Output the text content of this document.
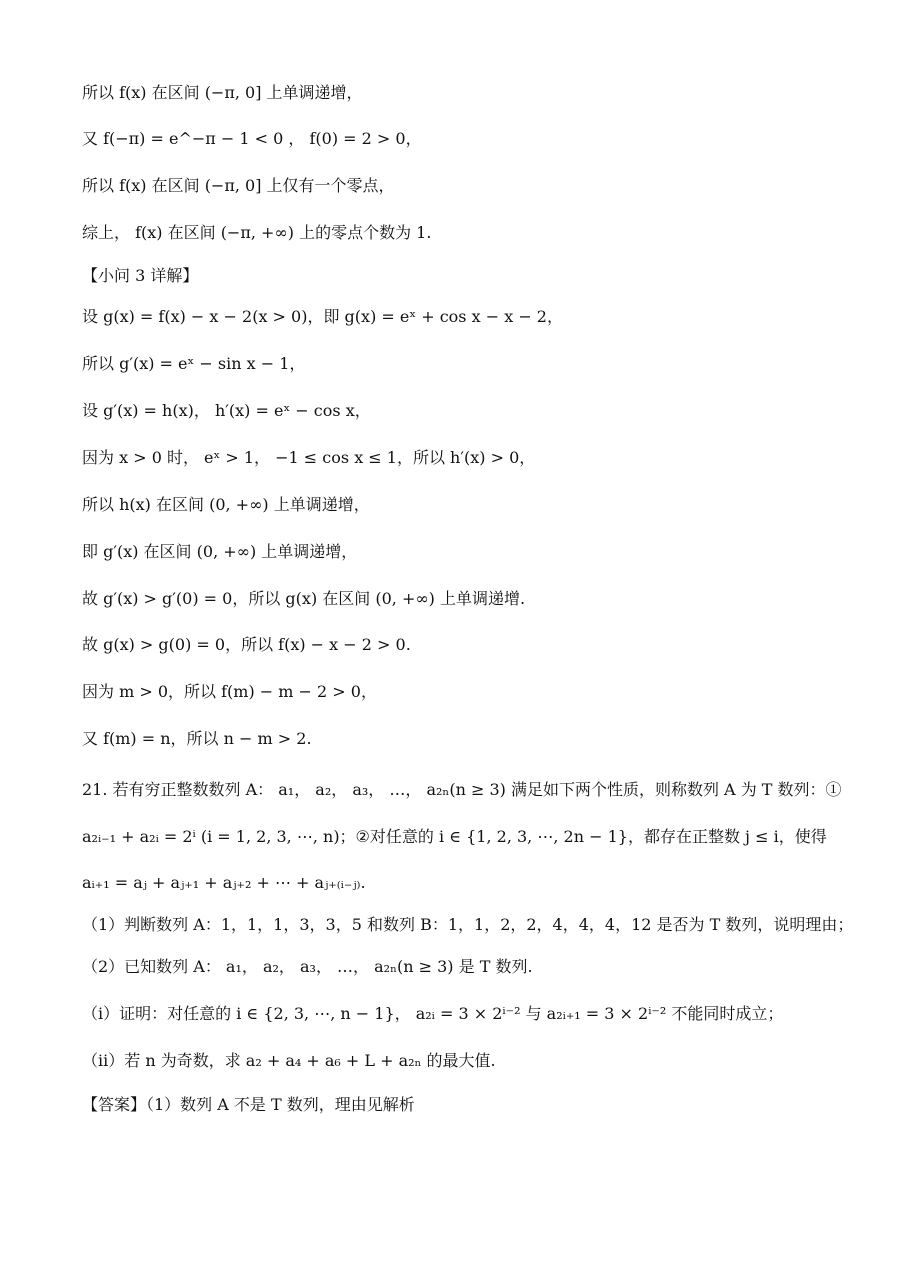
所以 f(x) 在区间 (−π, 0] 上单调递增，
又 f(−π) = e^−π − 1 < 0 ， f(0) = 2 > 0，
所以 f(x) 在区间 (−π, 0] 上仅有一个零点，
综上， f(x) 在区间 (−π, +∞) 上的零点个数为 1.
【小问 3 详解】
设 g(x) = f(x) − x − 2(x > 0)，即 g(x) = eˣ + cos x − x − 2，
所以 g′(x) = eˣ − sin x − 1，
设 g′(x) = h(x)， h′(x) = eˣ − cos x，
因为 x > 0 时， eˣ > 1， −1 ≤ cos x ≤ 1，所以 h′(x) > 0，
所以 h(x) 在区间 (0, +∞) 上单调递增，
即 g′(x) 在区间 (0, +∞) 上单调递增，
故 g′(x) > g′(0) = 0，所以 g(x) 在区间 (0, +∞) 上单调递增.
故 g(x) > g(0) = 0，所以 f(x) − x − 2 > 0.
因为 m > 0，所以 f(m) − m − 2 > 0，
又 f(m) = n，所以 n − m > 2.
21. 若有穷正整数数列 A： a₁， a₂， a₃， …， a₂ₙ(n ≥ 3) 满足如下两个性质，则称数列 A 为 T 数列：①
a₂ᵢ₋₁ + a₂ᵢ = 2ⁱ (i = 1, 2, 3, ⋯, n)；②对任意的 i ∈ {1, 2, 3, ⋯, 2n − 1}，都存在正整数 j ≤ i，使得
aᵢ₊₁ = aⱼ + aⱼ₊₁ + aⱼ₊₂ + ⋯ + aⱼ₊₍ᵢ₋ⱼ₎.
（1）判断数列 A：1，1，1，3，3，5 和数列 B：1，1，2，2，4，4，4，12 是否为 T 数列，说明理由；
（2）已知数列 A： a₁， a₂， a₃， …， a₂ₙ(n ≥ 3) 是 T 数列.
（i）证明：对任意的 i ∈ {2, 3, ⋯, n − 1}， a₂ᵢ = 3 × 2ⁱ⁻² 与 a₂ᵢ₊₁ = 3 × 2ⁱ⁻² 不能同时成立；
（ii）若 n 为奇数，求 a₂ + a₄ + a₆ + L + a₂ₙ 的最大值.
【答案】（1）数列 A 不是 T 数列，理由见解析
